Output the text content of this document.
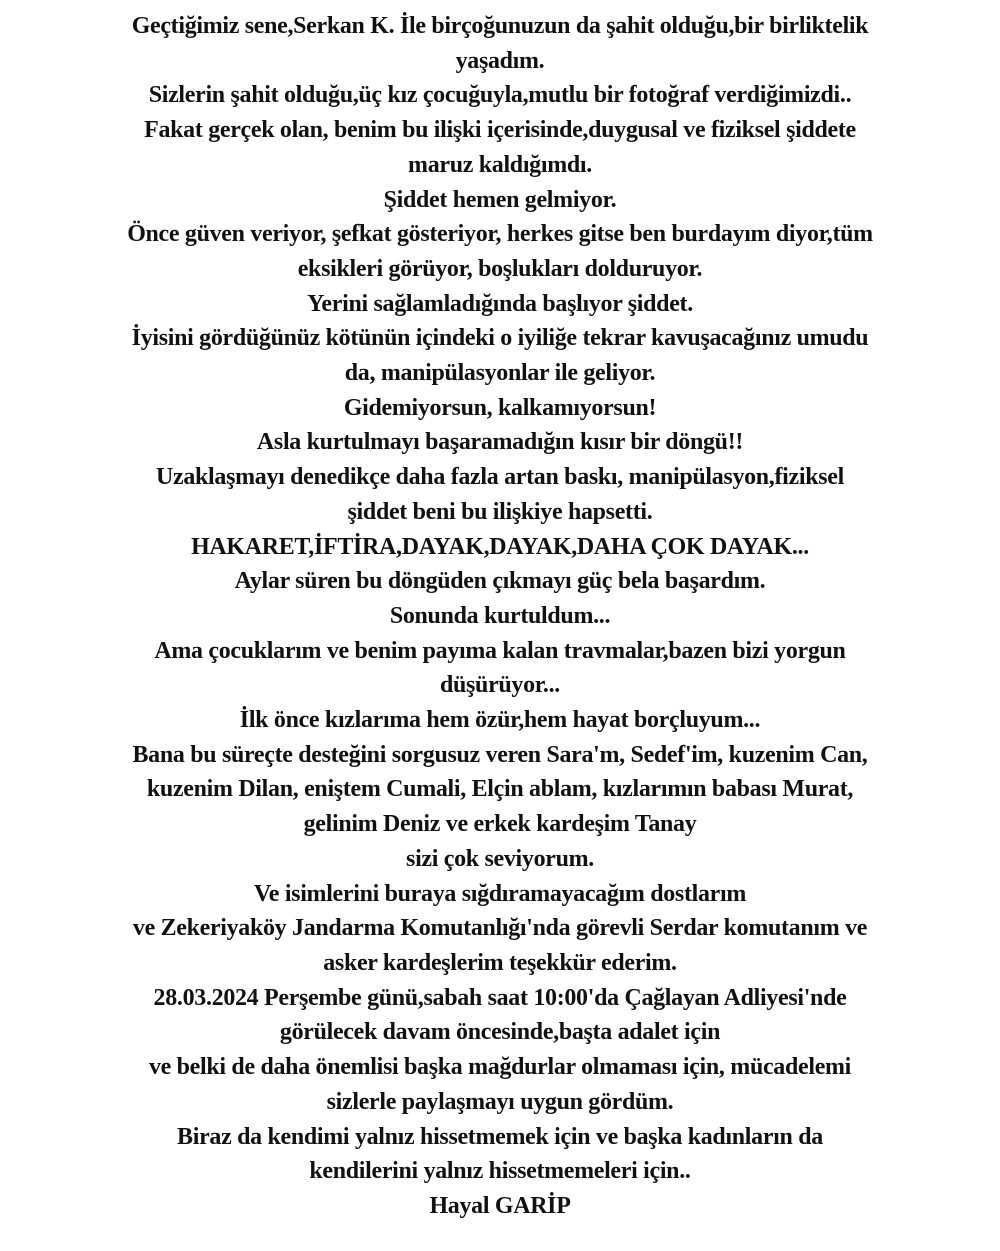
Geçtiğimiz sene,Serkan K. İle birçoğunuzun da şahit olduğu,bir birliktelik
yaşadım.
Sizlerin şahit olduğu,üç kız çocuğuyla,mutlu bir fotoğraf verdiğimizdi..
Fakat gerçek olan, benim bu ilişki içerisinde,duygusal ve fiziksel şiddete
maruz kaldığımdı.
Şiddet hemen gelmiyor.
Önce güven veriyor, şefkat gösteriyor, herkes gitse ben burdayım diyor,tüm
eksikleri görüyor, boşlukları dolduruyor.
Yerini sağlamladığında başlıyor şiddet.
İyisini gördüğünüz kötünün içindeki o iyiliğe tekrar kavuşacağınız umudu
da, manipülasyonlar ile geliyor.
Gidemiyorsun, kalkamıyorsun!
Asla kurtulmayı başaramadığın kısır bir döngü!!
Uzaklaşmayı denedikçe daha fazla artan baskı, manipülasyon,fiziksel
şiddet beni bu ilişkiye hapsetti.
HAKARET,İFTİRA,DAYAK,DAYAK,DAHA ÇOK DAYAK...
Aylar süren bu döngüden çıkmayı güç bela başardım.
Sonunda kurtuldum...
Ama çocuklarım ve benim payıma kalan travmalar,bazen bizi yorgun
düşürüyor...
İlk önce kızlarıma hem özür,hem hayat borçluyum...
Bana bu süreçte desteğini sorgusuz veren Sara'm, Sedef'im, kuzenim Can,
kuzenim Dilan, eniştem Cumali, Elçin ablam, kızlarımın babası Murat,
gelinim Deniz ve erkek kardeşim Tanay
sizi çok seviyorum.
Ve isimlerini buraya sığdıramayacağım dostlarım
ve Zekeriyaköy Jandarma Komutanlığı'nda görevli Serdar komutanım ve
asker kardeşlerim teşekkür ederim.
28.03.2024 Perşembe günü,sabah saat 10:00'da Çağlayan Adliyesi'nde
görülecek davam öncesinde,başta adalet için
ve belki de daha önemlisi başka mağdurlar olmaması için, mücadelemi
sizlerle paylaşmayı uygun gördüm.
Biraz da kendimi yalnız hissetmemek için ve başka kadınların da
kendilerini yalnız hissetmemeleri için..
Hayal GARİP
